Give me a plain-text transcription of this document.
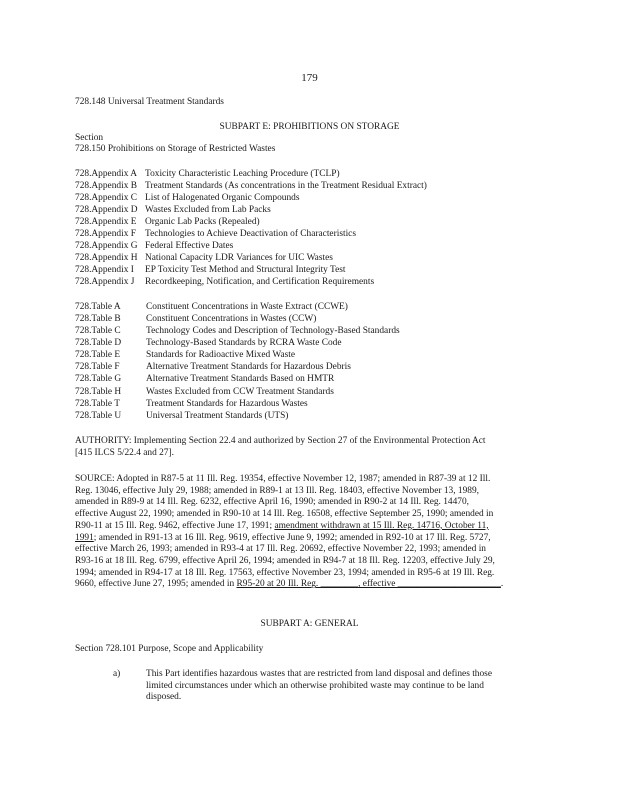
179
728.148 Universal Treatment Standards
SUBPART E: PROHIBITIONS ON STORAGE
Section
728.150 Prohibitions on Storage of Restricted Wastes
728.Appendix A Toxicity Characteristic Leaching Procedure (TCLP)
728.Appendix B Treatment Standards (As concentrations in the Treatment Residual Extract)
728.Appendix C List of Halogenated Organic Compounds
728.Appendix D Wastes Excluded from Lab Packs
728.Appendix E Organic Lab Packs (Repealed)
728.Appendix F Technologies to Achieve Deactivation of Characteristics
728.Appendix G Federal Effective Dates
728.Appendix H National Capacity LDR Variances for UIC Wastes
728.Appendix I EP Toxicity Test Method and Structural Integrity Test
728.Appendix J Recordkeeping, Notification, and Certification Requirements
728.Table A	Constituent Concentrations in Waste Extract (CCWE)
728.Table B	Constituent Concentrations in Wastes (CCW)
728.Table C	Technology Codes and Description of Technology-Based Standards
728.Table D	Technology-Based Standards by RCRA Waste Code
728.Table E	Standards for Radioactive Mixed Waste
728.Table F	Alternative Treatment Standards for Hazardous Debris
728.Table G	Alternative Treatment Standards Based on HMTR
728.Table H	Wastes Excluded from CCW Treatment Standards
728.Table T	Treatment Standards for Hazardous Wastes
728.Table U	Universal Treatment Standards (UTS)
AUTHORITY: Implementing Section 22.4 and authorized by Section 27 of the Environmental Protection Act
[415 ILCS 5/22.4 and 27].
SOURCE: Adopted in R87-5 at 11 Ill. Reg. 19354, effective November 12, 1987; amended in R87-39 at 12 Ill.
Reg. 13046, effective July 29, 1988; amended in R89-1 at 13 Ill. Reg. 18403, effective November 13, 1989,
amended in R89-9 at 14 Ill. Reg. 6232, effective April 16, 1990; amended in R90-2 at 14 Ill. Reg. 14470,
effective August 22, 1990; amended in R90-10 at 14 Ill. Reg. 16508, effective September 25, 1990; amended in
R90-11 at 15 Ill. Reg. 9462, effective June 17, 1991; amendment withdrawn at 15 Ill. Reg. 14716, October 11,
1991; amended in R91-13 at 16 Ill. Reg. 9619, effective June 9, 1992; amended in R92-10 at 17 Ill. Reg. 5727,
effective March 26, 1993; amended in R93-4 at 17 Ill. Reg. 20692, effective November 22, 1993; amended in
R93-16 at 18 Ill. Reg. 6799, effective April 26, 1994; amended in R94-7 at 18 Ill. Reg. 12203, effective July 29,
1994; amended in R94-17 at 18 Ill. Reg. 17563, effective November 23, 1994; amended in R95-6 at 19 Ill. Reg.
9660, effective June 27, 1995; amended in R95-20 at 20 Ill. Reg. ________, effective ______________________.
SUBPART A: GENERAL
Section 728.101 Purpose, Scope and Applicability
a)	This Part identifies hazardous wastes that are restricted from land disposal and defines those
limited circumstances under which an otherwise prohibited waste may continue to be land
disposed.
